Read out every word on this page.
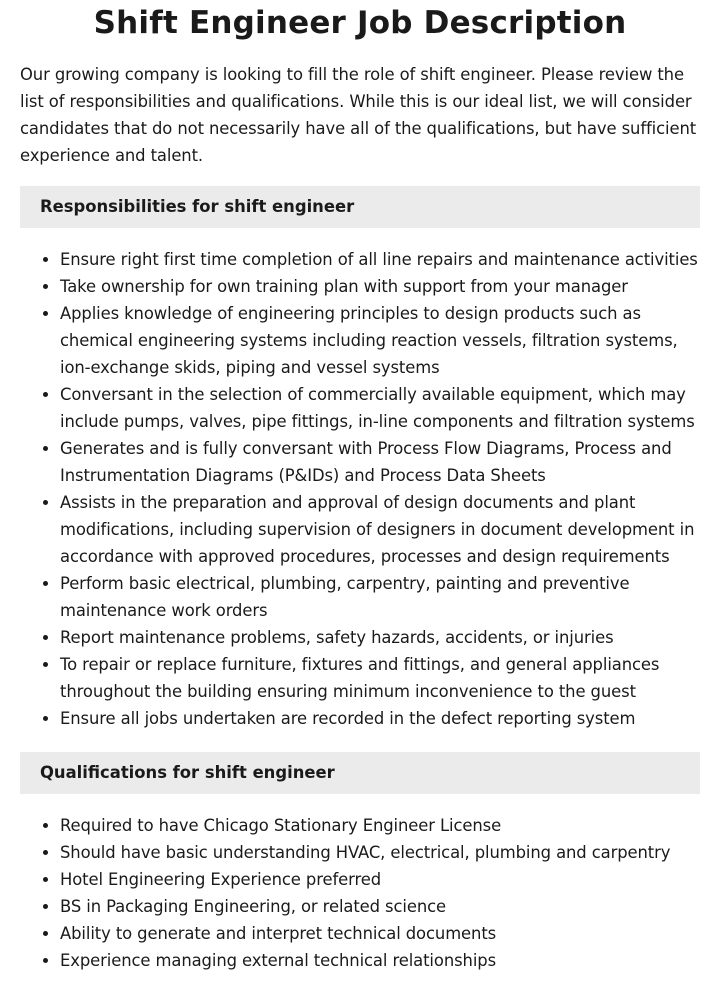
Shift Engineer Job Description

Our growing company is looking to fill the role of shift engineer. Please review the list of responsibilities and qualifications. While this is our ideal list, we will consider candidates that do not necessarily have all of the qualifications, but have sufficient experience and talent.

Responsibilities for shift engineer
• Ensure right first time completion of all line repairs and maintenance activities
• Take ownership for own training plan with support from your manager
• Applies knowledge of engineering principles to design products such as chemical engineering systems including reaction vessels, filtration systems, ion-exchange skids, piping and vessel systems
• Conversant in the selection of commercially available equipment, which may include pumps, valves, pipe fittings, in-line components and filtration systems
• Generates and is fully conversant with Process Flow Diagrams, Process and Instrumentation Diagrams (P&IDs) and Process Data Sheets
• Assists in the preparation and approval of design documents and plant modifications, including supervision of designers in document development in accordance with approved procedures, processes and design requirements
• Perform basic electrical, plumbing, carpentry, painting and preventive maintenance work orders
• Report maintenance problems, safety hazards, accidents, or injuries
• To repair or replace furniture, fixtures and fittings, and general appliances throughout the building ensuring minimum inconvenience to the guest
• Ensure all jobs undertaken are recorded in the defect reporting system
Qualifications for shift engineer
• Required to have Chicago Stationary Engineer License
• Should have basic understanding HVAC, electrical, plumbing and carpentry
• Hotel Engineering Experience preferred
• BS in Packaging Engineering, or related science
• Ability to generate and interpret technical documents
• Experience managing external technical relationships
